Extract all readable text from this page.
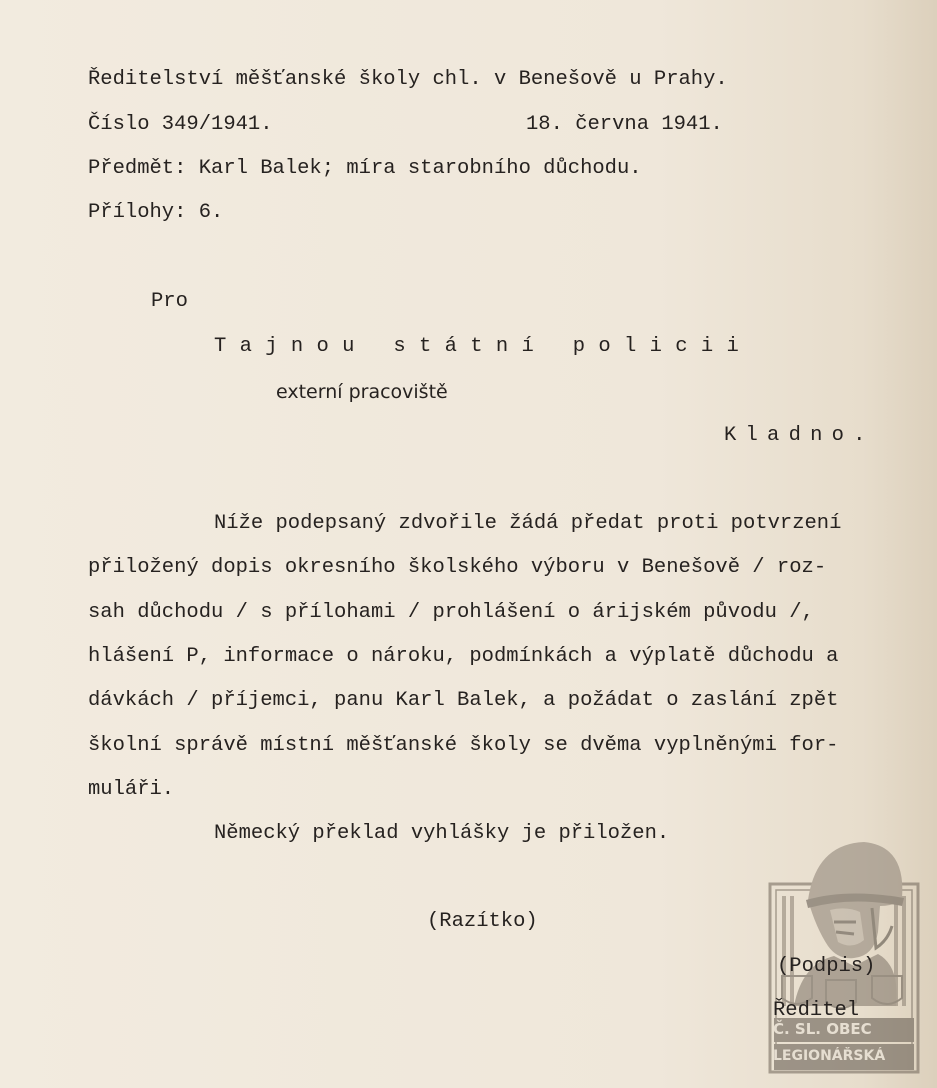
Ředitelství měšťanské školy chl. v Benešově u Prahy.
Číslo 349/1941.	18. června 1941.
Předmět: Karl Balek; míra starobního důchodu.
Přílohy: 6.
Pro
Tajnou státní policii
externí pracoviště
Kladno.
Níže podepsaný zdvořile žádá předat proti potvrzení
přiložený dopis okresního školského výboru v Benešově / roz-
sah důchodu / s přílohami / prohlášení o árijském původu /,
hlášení P, informace o nároku, podmínkách a výplatě důchodu a
dávkách / příjemci, panu Karl Balek, a požádat o zaslání zpět
školní správě místní měšťanské školy se dvěma vyplněnými for-
muláři.
Německý překlad vyhlášky je přiložen.
(Razítko)
Č. SL. OBEC
LEGIONÁŘSKÁ
(Podpis)
Ředitel
